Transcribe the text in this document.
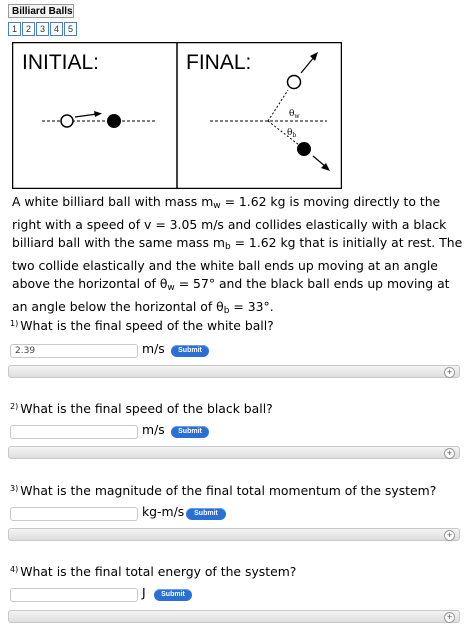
Billiard Balls
1 2 3 4 5
INITIAL:	FINAL:
$\theta_w$
$\theta_b$
A white billiard ball with mass $m_w = 1.62$ kg is moving directly to the right with a speed of v = 3.05 m/s and collides elastically with a black billiard ball with the same mass $m_b = 1.62$ kg that is initially at rest. The two collide elastically and the white ball ends up moving at an angle above the horizontal of $\theta_w = 57^\circ$ and the black ball ends up moving at an angle below the horizontal of $\theta_b = 33^\circ$.
$^{1)}$ What is the final speed of the white ball?
2.39
m/s	Submit
+
$^{2)}$ What is the final speed of the black ball?
m/s	Submit
+
$^{3)}$ What is the magnitude of the final total momentum of the system?
kg-m/s	Submit
+
$^{4)}$ What is the final total energy of the system?
J	Submit
+
